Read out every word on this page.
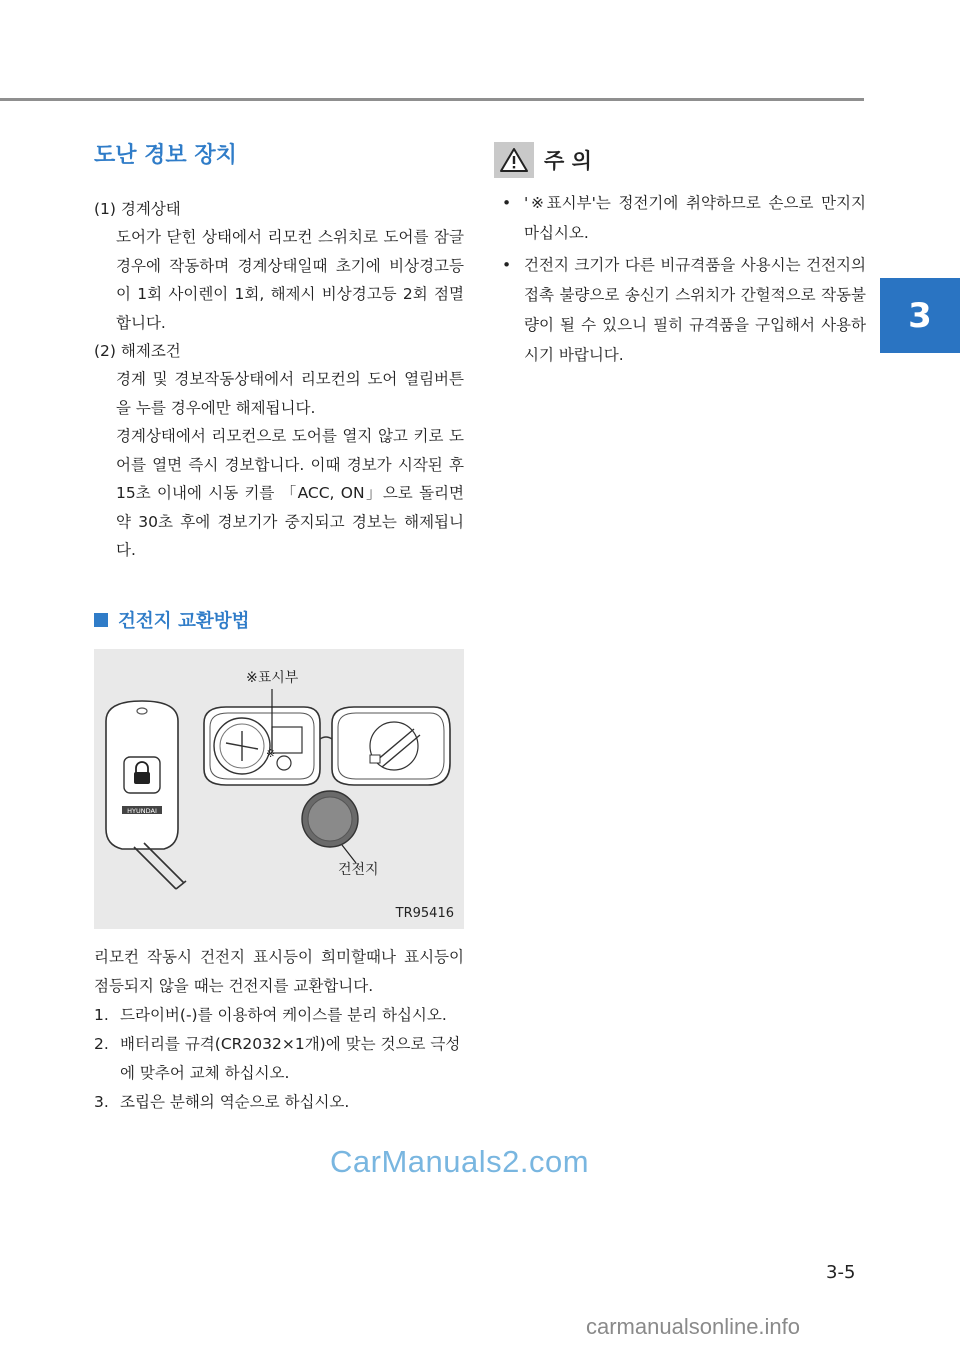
3
도난 경보 장치
(1) 경계상태

도어가 닫힌 상태에서 리모컨 스위치로 도어를 잠글 경우에 작동하며 경계상태일때 초기에 비상경고등이 1회 사이렌이 1회, 해제시 비상경고등 2회 점멸합니다.

(2) 해제조건

경계 및 경보작동상태에서 리모컨의 도어 열림버튼을 누를 경우에만 해제됩니다.

경계상태에서 리모컨으로 도어를 열지 않고 키로 도어를 열면 즉시 경보합니다. 이때 경보가 시작된 후 15초 이내에 시동 키를 「ACC, ON」으로 돌리면 약 30초 후에 경보기가 중지되고 경보는 해제됩니다.

건전지 교환방법
HYUNDAI
※
※표시부
건전지
TR95416
리모컨 작동시 건전지 표시등이 희미할때나 표시등이 점등되지 않을 때는 건전지를 교환합니다.
1. 드라이버(-)를 이용하여 케이스를 분리 하십시오.
2. 배터리를 규격(CR2032×1개)에 맞는 것으로 극성에 맞추어 교체 하십시오.
3. 조립은 분해의 역순으로 하십시오.
주 의
• '※표시부'는 정전기에 취약하므로 손으로 만지지 마십시오.
• 건전지 크기가 다른 비규격품을 사용시는 건전지의 접촉 불량으로 송신기 스위치가 간헐적으로 작동불량이 될 수 있으니 필히 규격품을 구입해서 사용하시기 바랍니다.
CarManuals2.com
3-5
carmanualsonline.info
